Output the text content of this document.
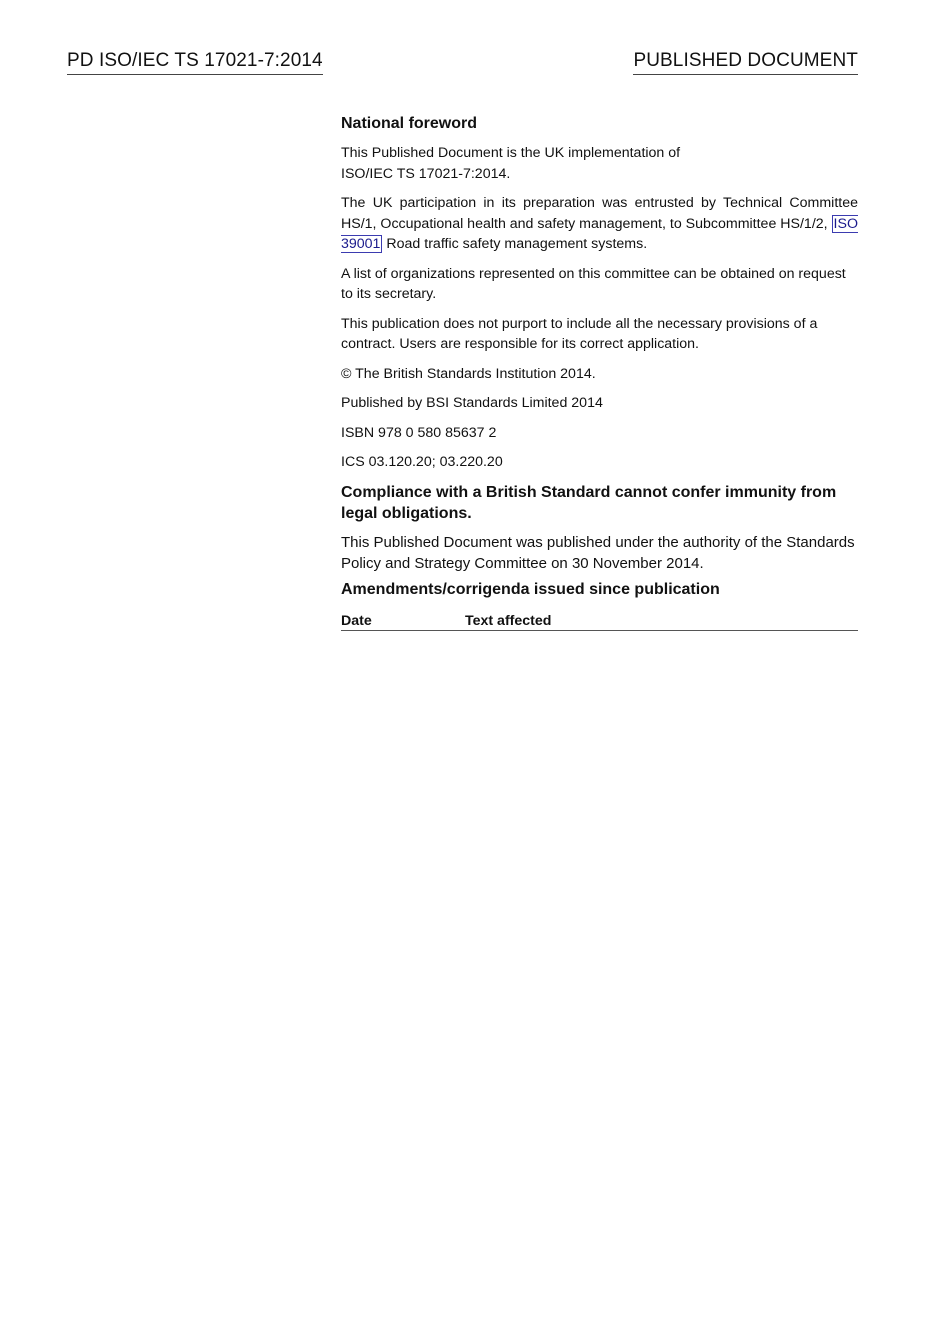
PD ISO/IEC TS 17021-7:2014	PUBLISHED DOCUMENT

National foreword

This Published Document is the UK implementation of
ISO/IEC TS 17021-7:2014.

The UK participation in its preparation was entrusted by Technical Committee HS/1, Occupational health and safety management, to Subcommittee HS/1/2, ISO 39001 Road traffic safety management systems.

A list of organizations represented on this committee can be obtained on request to its secretary.

This publication does not purport to include all the necessary provisions of a contract. Users are responsible for its correct application.

© The British Standards Institution 2014.

Published by BSI Standards Limited 2014

ISBN 978 0 580 85637 2

ICS 03.120.20; 03.220.20

Compliance with a British Standard cannot confer immunity from legal obligations.

This Published Document was published under the authority of the Standards Policy and Strategy Committee on 30 November 2014.

Amendments/corrigenda issued since publication

Date	Text affected
